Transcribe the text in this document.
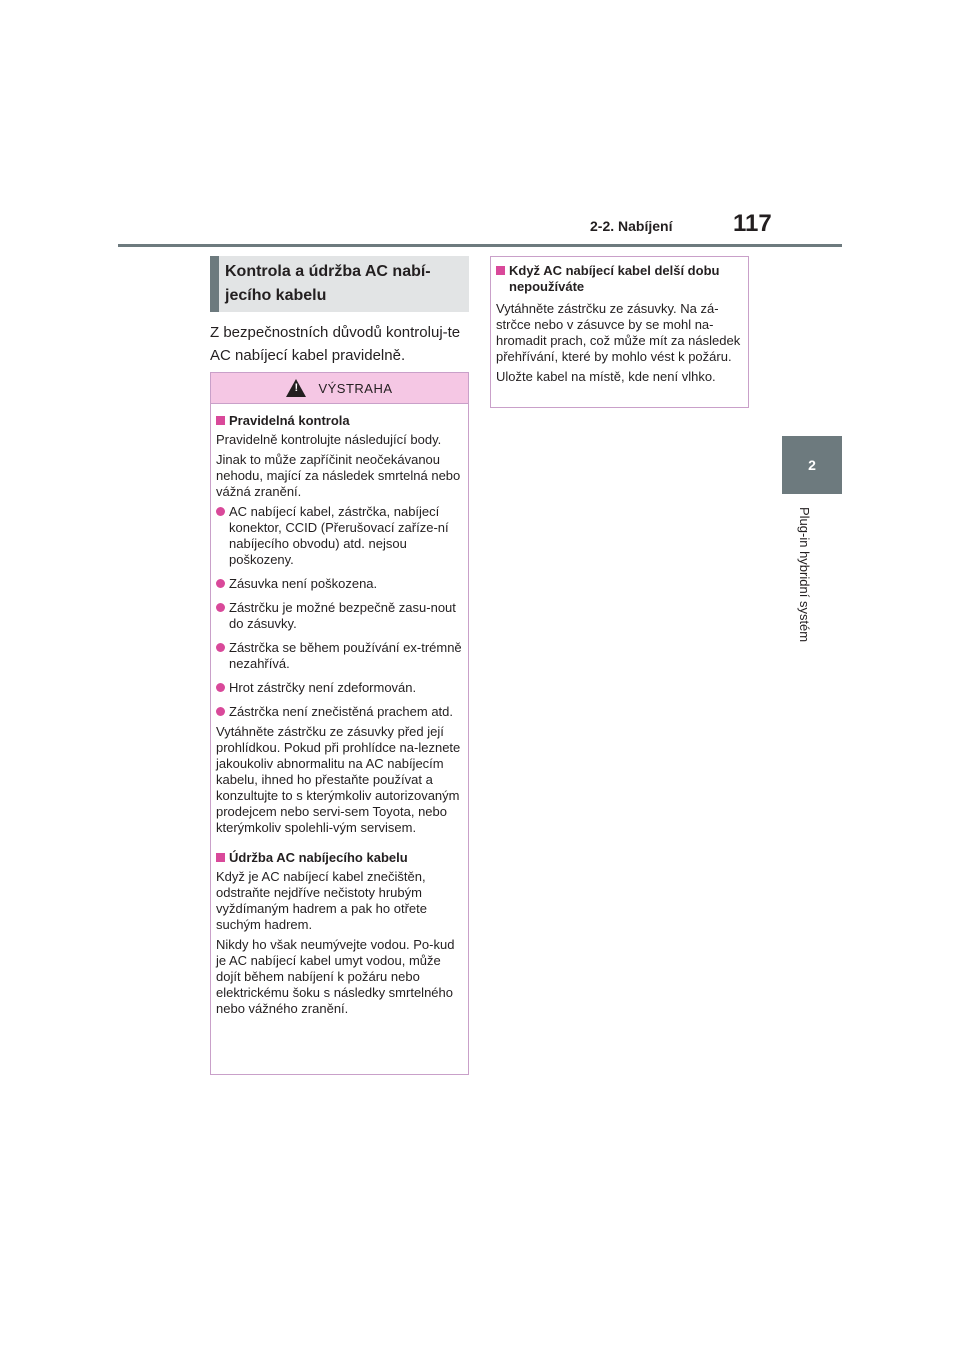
2-2. Nabíjení	117
2
Plug-in hybridní systém
Kontrola a údržba AC nabí-jecího kabelu
Z bezpečnostních důvodů kontroluj-te AC nabíjecí kabel pravidelně.
!
VÝSTRAHA
Pravidelná kontrola

Pravidelně kontrolujte následující body.

Jinak to může zapříčinit neočekávanou nehodu, mající za následek smrtelná nebo vážná zranění.

AC nabíjecí kabel, zástrčka, nabíjecí konektor, CCID (Přerušovací zaříze-ní nabíjecího obvodu) atd. nejsou poškozeny.
Zásuvka není poškozena.
Zástrčku je možné bezpečně zasu-nout do zásuvky.
Zástrčka se během používání ex-trémně nezahřívá.
Hrot zástrčky není zdeformován.
Zástrčka není znečistěná prachem atd.

Vytáhněte zástrčku ze zásuvky před její prohlídkou. Pokud při prohlídce na-leznete jakoukoliv abnormalitu na AC nabíjecím kabelu, ihned ho přestaňte používat a konzultujte to s kterýmkoliv autorizovaným prodejcem nebo servi-sem Toyota, nebo kterýmkoliv spolehli-vým servisem.

Údržba AC nabíjecího kabelu

Když je AC nabíjecí kabel znečištěn, odstraňte nejdříve nečistoty hrubým vyždímaným hadrem a pak ho otřete suchým hadrem.

Nikdy ho však neumývejte vodou. Po-kud je AC nabíjecí kabel umyt vodou, může dojít během nabíjení k požáru nebo elektrickému šoku s následky smrtelného nebo vážného zranění.

Když AC nabíjecí kabel delší dobu nepoužíváte

Vytáhněte zástrčku ze zásuvky. Na zá-strčce nebo v zásuvce by se mohl na-hromadit prach, což může mít za následek přehřívání, které by mohlo vést k požáru.

Uložte kabel na místě, kde není vlhko.
